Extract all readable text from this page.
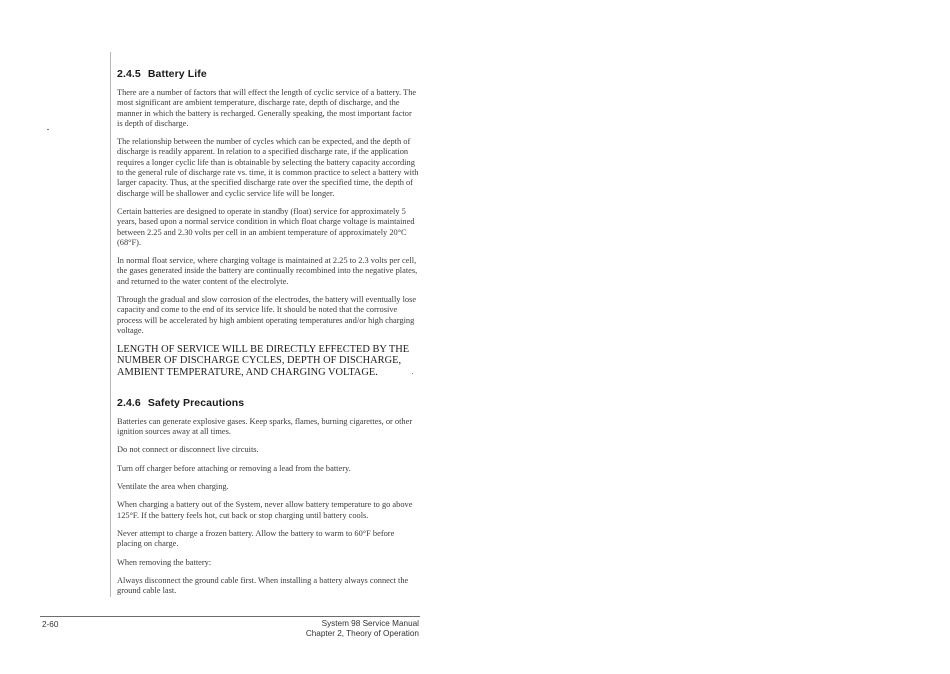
2.4.5 Battery Life

There are a number of factors that will effect the length of cyclic service of a battery. The most significant are ambient temperature, discharge rate, depth of discharge, and the manner in which the battery is recharged. Generally speaking, the most important factor is depth of discharge.

The relationship between the number of cycles which can be expected, and the depth of discharge is readily apparent. In relation to a specified discharge rate, if the application requires a longer cyclic life than is obtainable by selecting the battery capacity according to the general rule of discharge rate vs. time, it is common practice to select a battery with larger capacity. Thus, at the specified discharge rate over the specified time, the depth of discharge will be shallower and cyclic service life will be longer.

Certain batteries are designed to operate in standby (float) service for approximately 5 years, based upon a normal service condition in which float charge voltage is maintained between 2.25 and 2.30 volts per cell in an ambient temperature of approximately 20°C (68°F).

In normal float service, where charging voltage is maintained at 2.25 to 2.3 volts per cell, the gases generated inside the battery are continually recombined into the negative plates, and returned to the water content of the electrolyte.

Through the gradual and slow corrosion of the electrodes, the battery will eventually lose capacity and come to the end of its service life. It should be noted that the corrosive process will be accelerated by high ambient operating temperatures and/or high charging voltage.

LENGTH OF SERVICE WILL BE DIRECTLY EFFECTED BY THE NUMBER OF DISCHARGE CYCLES, DEPTH OF DISCHARGE, AMBIENT TEMPERATURE, AND CHARGING VOLTAGE.

2.4.6 Safety Precautions

Batteries can generate explosive gases. Keep sparks, flames, burning cigarettes, or other ignition sources away at all times.

Do not connect or disconnect live circuits.

Turn off charger before attaching or removing a lead from the battery.

Ventilate the area when charging.

When charging a battery out of the System, never allow battery temperature to go above 125°F. If the battery feels hot, cut back or stop charging until battery cools.

Never attempt to charge a frozen battery. Allow the battery to warm to 60°F before placing on charge.

When removing the battery:

Always disconnect the ground cable first. When installing a battery always connect the ground cable last.

2-60	System 98 Service Manual
Chapter 2, Theory of Operation
